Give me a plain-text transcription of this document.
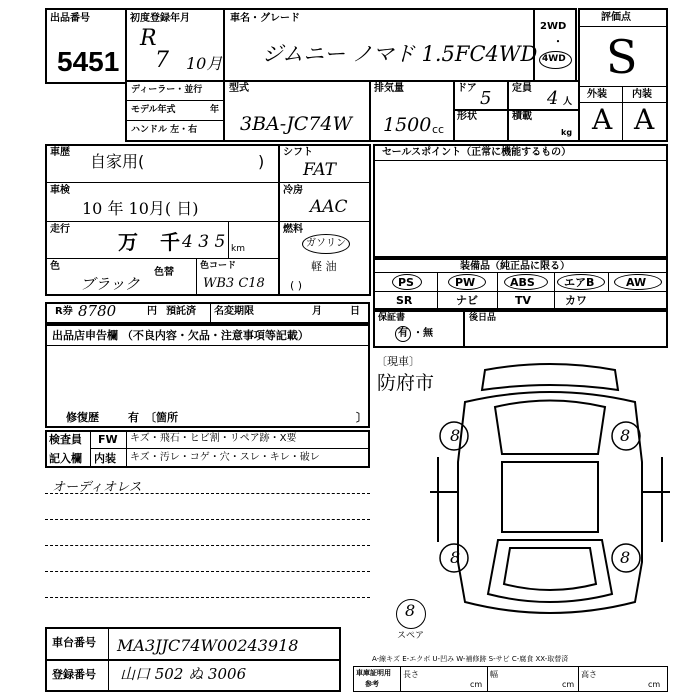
出品番号
5451
初度登録年月
R
7 10月
車名・グレード
ジムニー ノマド 1.5FC4WD
2WD
・
4WD
評価点
S
外装	内装
A A
ディーラー・並行
モデル年式	年
ハンドル 左・右
型式
3BA-JC74W
排気量
1500 cc
ドア 5 定員 4 人
形状	積載
kg
車歴 自家用(	)
車検
10 年 10月( 日)
走行
万 千 4 3 5 km
色
ブラック
色替
色コード
WB3 C18
シフト
FAT
冷房
AAC
燃料
ガソリン
軽 油
( )
セールスポイント（正常に機能するもの）
装備品（純正品に限る）
PS	PW	ABS	エアB	AW
SR	ナビ	TV	カワ
R券 8780	円 預託済 名変期限	月	日
保証書
有 ・無
後日品
出品店申告欄 （不良内容・欠品・注意事項等記載）
修復歴	有 〔箇所	〕
検査員
記入欄
FW キズ・飛石・ヒビ割・リペア跡・X要
内装 キズ・汚レ・コゲ・穴・スレ・キレ・破レ
〔現車〕
防府市
オーディオレス
8	8
8	8
8
スペア
車台番号 MA3JJC74W00243918
登録番号 山口 502 ぬ 3006
A-線キズ E-エクボ U-凹み W-補修跡 S-サビ C-腐食 XX-取替済
車庫証明用
参考
長さ
cm
幅
cm
高さ
cm
